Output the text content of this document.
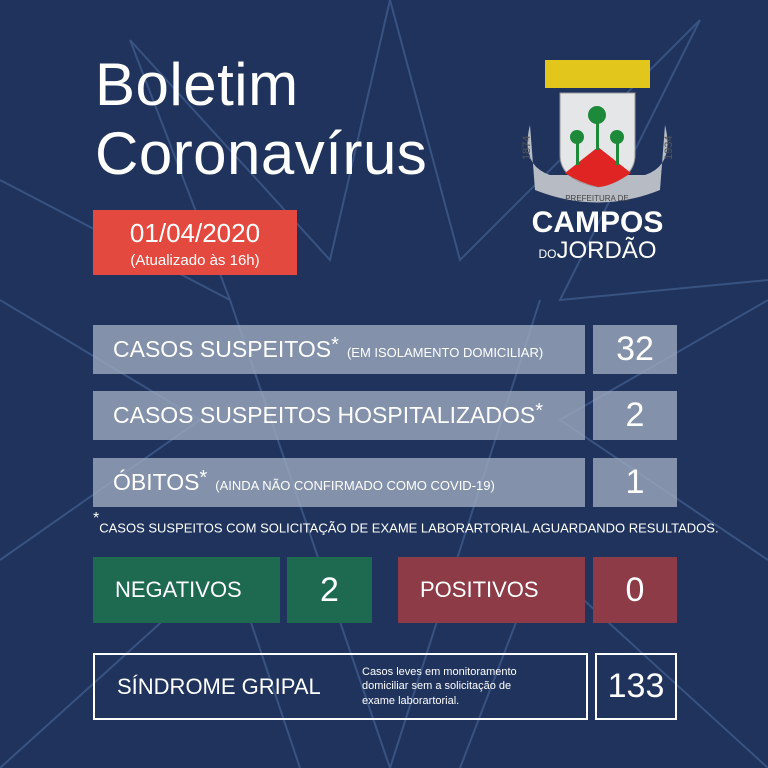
Boletim
Coronavírus
01/04/2020
(Atualizado às 16h)
1874	1934
PREFEITURA DE
CAMPOS
DOJORDÃO
CASOS SUSPEITOS* (EM ISOLAMENTO DOMICILIAR)	32
CASOS SUSPEITOS HOSPITALIZADOS*	2
ÓBITOS* (AINDA NÃO CONFIRMADO COMO COVID-19)	1
*CASOS SUSPEITOS COM SOLICITAÇÃO DE EXAME LABORARTORIAL AGUARDANDO RESULTADOS.
NEGATIVOS	2	POSITIVOS	0
SÍNDROME GRIPAL
Casos leves em monitoramento domiciliar sem a solicitação de exame laborartorial.	133
